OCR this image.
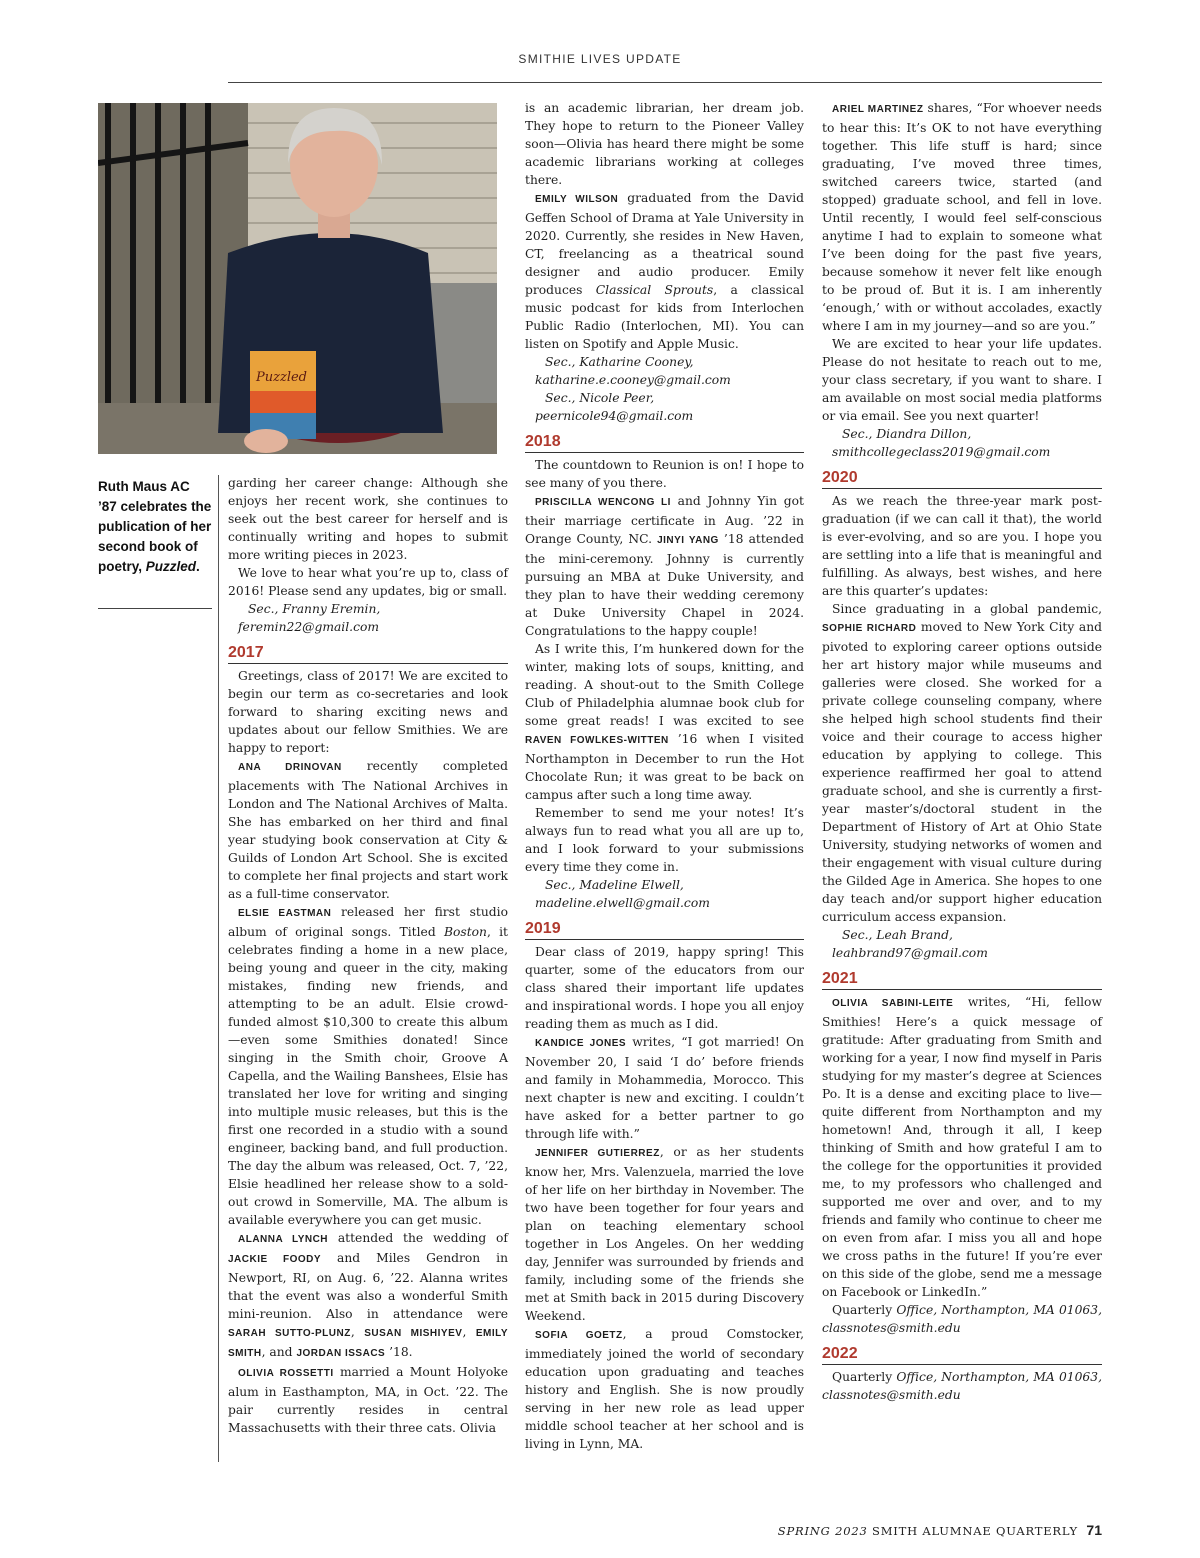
SMITHIE LIVES UPDATE
Puzzled
Ruth Maus AC ’87 celebrates the publication of her second book of poetry, Puzzled.

garding her career change: Although she enjoys her recent work, she continues to seek out the best career for herself and is continually writing and hopes to submit more writing pieces in 2023.

We love to hear what you’re up to, class of 2016! Please send any updates, big or small.

Sec., Franny Eremin,

feremin22@gmail.com

2017

Greetings, class of 2017! We are excited to begin our term as co-secretaries and look forward to sharing exciting news and updates about our fellow Smithies. We are happy to report:

ANA DRINOVAN recently completed placements with The National Archives in London and The National Archives of Malta. She has embarked on her third and final year studying book conservation at City & Guilds of London Art School. She is excited to complete her final projects and start work as a full-time conservator.

ELSIE EASTMAN released her first studio album of original songs. Titled Boston, it celebrates finding a home in a new place, being young and queer in the city, making mistakes, finding new friends, and attempting to be an adult. Elsie crowd-funded almost $10,300 to create this album—even some Smithies donated! Since singing in the Smith choir, Groove A Capella, and the Wailing Banshees, Elsie has translated her love for writing and singing into multiple music releases, but this is the first one recorded in a studio with a sound engineer, backing band, and full production. The day the album was released, Oct. 7, ’22, Elsie headlined her release show to a sold-out crowd in Somerville, MA. The album is available everywhere you can get music.

ALANNA LYNCH attended the wedding of JACKIE FOODY and Miles Gendron in Newport, RI, on Aug. 6, ’22. Alanna writes that the event was also a wonderful Smith mini-reunion. Also in attendance were SARAH SUTTO-PLUNZ, SUSAN MISHIYEV, EMILY SMITH, and JORDAN ISSACS ’18.

OLIVIA ROSSETTI married a Mount Holyoke alum in Easthampton, MA, in Oct. ’22. The pair currently resides in central Massachusetts with their three cats. Olivia

is an academic librarian, her dream job. They hope to return to the Pioneer Valley soon—Olivia has heard there might be some academic librarians working at colleges there.

EMILY WILSON graduated from the David Geffen School of Drama at Yale University in 2020. Currently, she resides in New Haven, CT, freelancing as a theatrical sound designer and audio producer. Emily produces Classical Sprouts, a classical music podcast for kids from Interlochen Public Radio (Interlochen, MI). You can listen on Spotify and Apple Music.

Sec., Katharine Cooney,

katharine.e.cooney@gmail.com

Sec., Nicole Peer,

peernicole94@gmail.com

2018

The countdown to Reunion is on! I hope to see many of you there.

PRISCILLA WENCONG LI and Johnny Yin got their marriage certificate in Aug. ’22 in Orange County, NC. JINYI YANG ’18 attended the mini-ceremony. Johnny is currently pursuing an MBA at Duke University, and they plan to have their wedding ceremony at Duke University Chapel in 2024. Congratulations to the happy couple!

As I write this, I’m hunkered down for the winter, making lots of soups, knitting, and reading. A shout-out to the Smith College Club of Philadelphia alumnae book club for some great reads! I was excited to see RAVEN FOWLKES-WITTEN ’16 when I visited Northampton in December to run the Hot Chocolate Run; it was great to be back on campus after such a long time away.

Remember to send me your notes! It’s always fun to read what you all are up to, and I look forward to your submissions every time they come in.

Sec., Madeline Elwell,

madeline.elwell@gmail.com

2019

Dear class of 2019, happy spring! This quarter, some of the educators from our class shared their important life updates and inspirational words. I hope you all enjoy reading them as much as I did.

KANDICE JONES writes, “I got married! On November 20, I said ‘I do’ before friends and family in Mohammedia, Morocco. This next chapter is new and exciting. I couldn’t have asked for a better partner to go through life with.”

JENNIFER GUTIERREZ, or as her students know her, Mrs. Valenzuela, married the love of her life on her birthday in November. The two have been together for four years and plan on teaching elementary school together in Los Angeles. On her wedding day, Jennifer was surrounded by friends and family, including some of the friends she met at Smith back in 2015 during Discovery Weekend.

SOFIA GOETZ, a proud Comstocker, immediately joined the world of secondary education upon graduating and teaches history and English. She is now proudly serving in her new role as lead upper middle school teacher at her school and is living in Lynn, MA.

ARIEL MARTINEZ shares, “For whoever needs to hear this: It’s OK to not have everything together. This life stuff is hard; since graduating, I’ve moved three times, switched careers twice, started (and stopped) graduate school, and fell in love. Until recently, I would feel self-conscious anytime I had to explain to someone what I’ve been doing for the past five years, because somehow it never felt like enough to be proud of. But it is. I am inherently ‘enough,’ with or without accolades, exactly where I am in my journey—and so are you.”

We are excited to hear your life updates. Please do not hesitate to reach out to me, your class secretary, if you want to share. I am available on most social media platforms or via email. See you next quarter!

Sec., Diandra Dillon,

smithcollegeclass2019@gmail.com

2020

As we reach the three-year mark post-graduation (if we can call it that), the world is ever-evolving, and so are you. I hope you are settling into a life that is meaningful and fulfilling. As always, best wishes, and here are this quarter’s updates:

Since graduating in a global pandemic, SOPHIE RICHARD moved to New York City and pivoted to exploring career options outside her art history major while museums and galleries were closed. She worked for a private college counseling company, where she helped high school students find their voice and their courage to access higher education by applying to college. This experience reaffirmed her goal to attend graduate school, and she is currently a first-year master’s/doctoral student in the Department of History of Art at Ohio State University, studying networks of women and their engagement with visual culture during the Gilded Age in America. She hopes to one day teach and/or support higher education curriculum access expansion.

Sec., Leah Brand,

leahbrand97@gmail.com

2021

OLIVIA SABINI-LEITE writes, “Hi, fellow Smithies! Here’s a quick message of gratitude: After graduating from Smith and working for a year, I now find myself in Paris studying for my master’s degree at Sciences Po. It is a dense and exciting place to live—quite different from Northampton and my hometown! And, through it all, I keep thinking of Smith and how grateful I am to the college for the opportunities it provided me, to my professors who challenged and supported me over and over, and to my friends and family who continue to cheer me on even from afar. I miss you all and hope we cross paths in the future! If you’re ever on this side of the globe, send me a message on Facebook or LinkedIn.”

Quarterly Office, Northampton, MA 01063, classnotes@smith.edu

2022

Quarterly Office, Northampton, MA 01063, classnotes@smith.edu

SPRING 2023 SMITH ALUMNAE QUARTERLY 71
